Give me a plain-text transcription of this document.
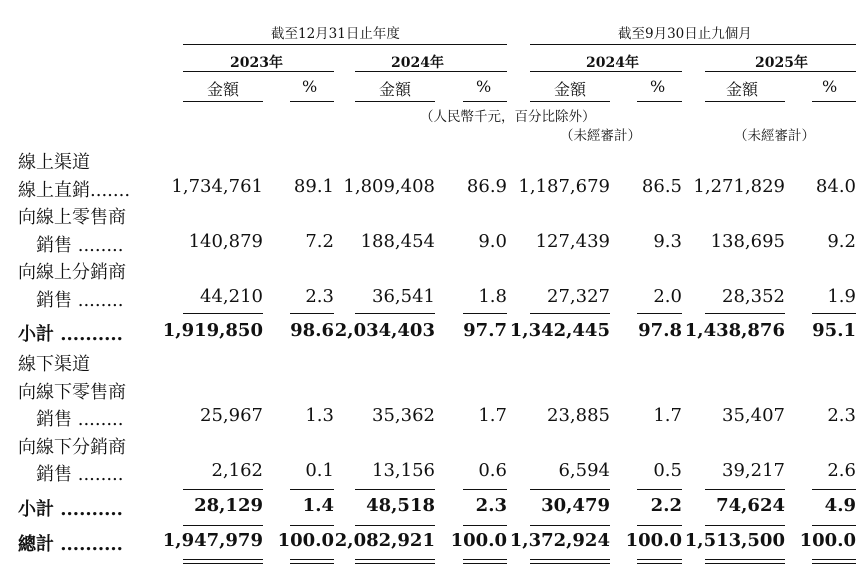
截至12月31日止年度	截至9月30日止九個月
2023年	2024年	2024年	2025年
金額	%	金額	%	金額	%	金額	%
（人民幣千元，百分比除外）
（未經審計）	（未經審計）
線上渠道
線上直銷....... 1,734,761 89.1 1,809,408 86.9 1,187,679 86.5 1,271,829 84.0
向線上零售商
　銷售 ........	140,879 7.2 188,454 9.0 127,439 9.3 138,695 9.2
向線上分銷商
　銷售 ........	44,210 2.3 36,541 1.8 27,327 2.0 28,352 1.9
小計 .......... 1,919,850 98.6 2,034,403 97.7 1,342,445 97.8 1,438,876 95.1
線下渠道
向線下零售商
　銷售 ........	25,967 1.3 35,362 1.7 23,885 1.7 35,407 2.3
向線下分銷商
　銷售 ........	2,162 0.1 13,156 0.6	6,594 0.5 39,217 2.6
小計 ..........	28,129 1.4 48,518 2.3 30,479 2.2 74,624 4.9
總計 .......... 1,947,979 100.0 2,082,921 100.0 1,372,924 100.0 1,513,500 100.0
